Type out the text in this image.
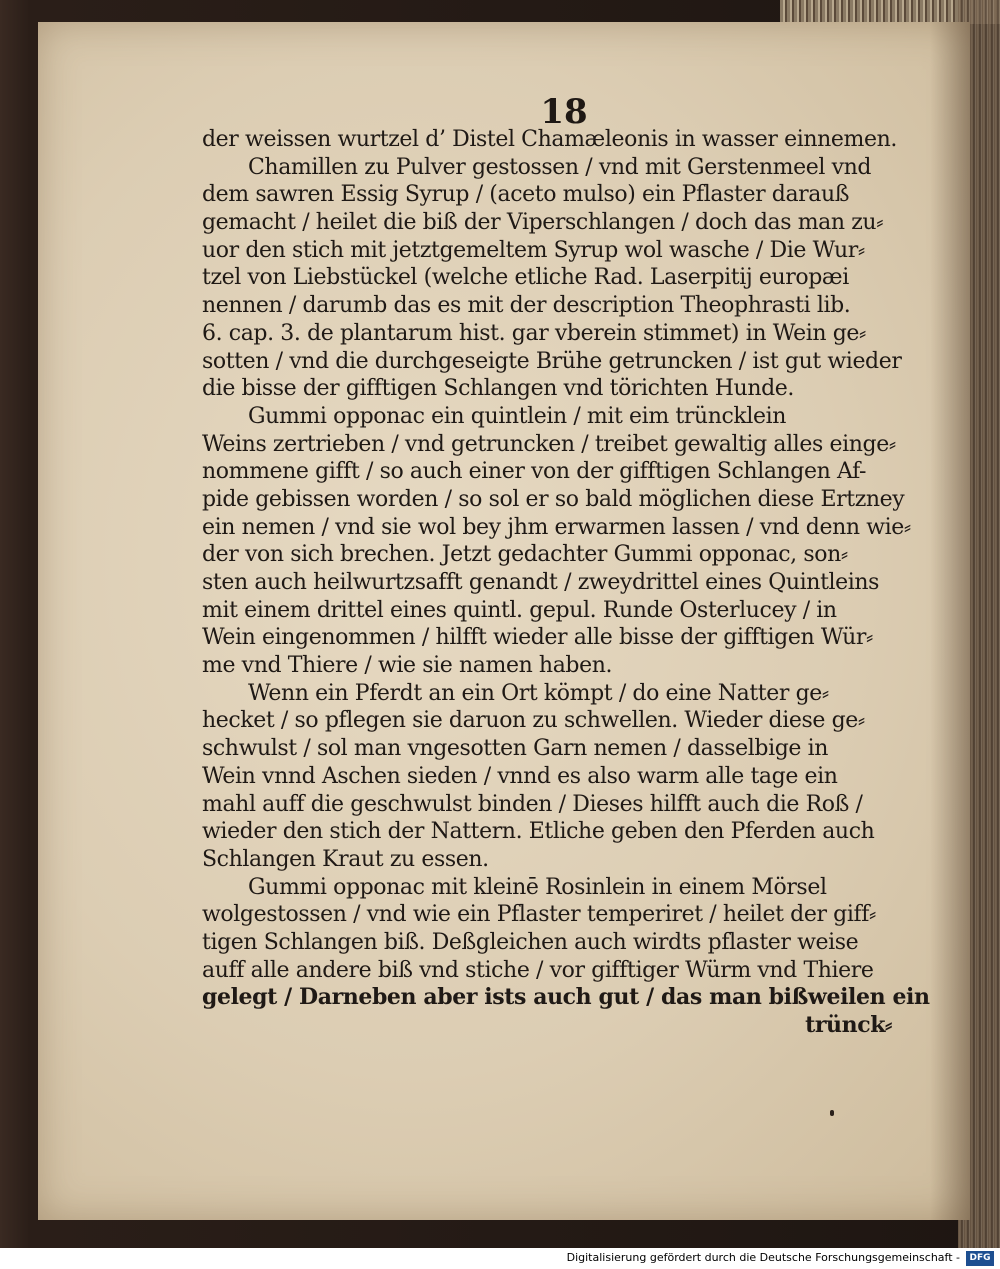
18
der weissen wurtzel d’ Distel Chamæleonis in wasser einnemen.
Chamillen zu Pulver gestossen / vnd mit Gerstenmeel vnd
dem sawren Essig Syrup / (aceto mulso) ein Pflaster darauß
gemacht / heilet die biß der Viperschlangen / doch das man zu⸗
uor den stich mit jetztgemeltem Syrup wol wasche / Die Wur⸗
tzel von Liebstückel (welche etliche Rad. Laserpitij europæi
nennen / darumb das es mit der description Theophrasti lib.
6. cap. 3. de plantarum hist. gar vberein stimmet) in Wein ge⸗
sotten / vnd die durchgeseigte Brühe getruncken / ist gut wieder
die bisse der gifftigen Schlangen vnd törichten Hunde.
Gummi opponac ein quintlein / mit eim trüncklein
Weins zertrieben / vnd getruncken / treibet gewaltig alles einge⸗
nommene gifft / so auch einer von der gifftigen Schlangen Af-
pide gebissen worden / so sol er so bald möglichen diese Ertzney
ein nemen / vnd sie wol bey jhm erwarmen lassen / vnd denn wie⸗
der von sich brechen. Jetzt gedachter Gummi opponac, son⸗
sten auch heilwurtzsafft genandt / zweydrittel eines Quintleins
mit einem drittel eines quintl. gepul. Runde Osterlucey / in
Wein eingenommen / hilfft wieder alle bisse der gifftigen Wür⸗
me vnd Thiere / wie sie namen haben.
Wenn ein Pferdt an ein Ort kömpt / do eine Natter ge⸗
hecket / so pflegen sie daruon zu schwellen. Wieder diese ge⸗
schwulst / sol man vngesotten Garn nemen / dasselbige in
Wein vnnd Aschen sieden / vnnd es also warm alle tage ein
mahl auff die geschwulst binden / Dieses hilfft auch die Roß /
wieder den stich der Nattern. Etliche geben den Pferden auch
Schlangen Kraut zu essen.
Gummi opponac mit kleinē Rosinlein in einem Mörsel
wolgestossen / vnd wie ein Pflaster temperiret / heilet der giff⸗
tigen Schlangen biß. Deßgleichen auch wirdts pflaster weise
auff alle andere biß vnd stiche / vor gifftiger Würm vnd Thiere
gelegt / Darneben aber ists auch gut / das man bißweilen ein
trünck⸗
Digitalisierung gefördert durch die Deutsche Forschungsgemeinschaft -	DFG
